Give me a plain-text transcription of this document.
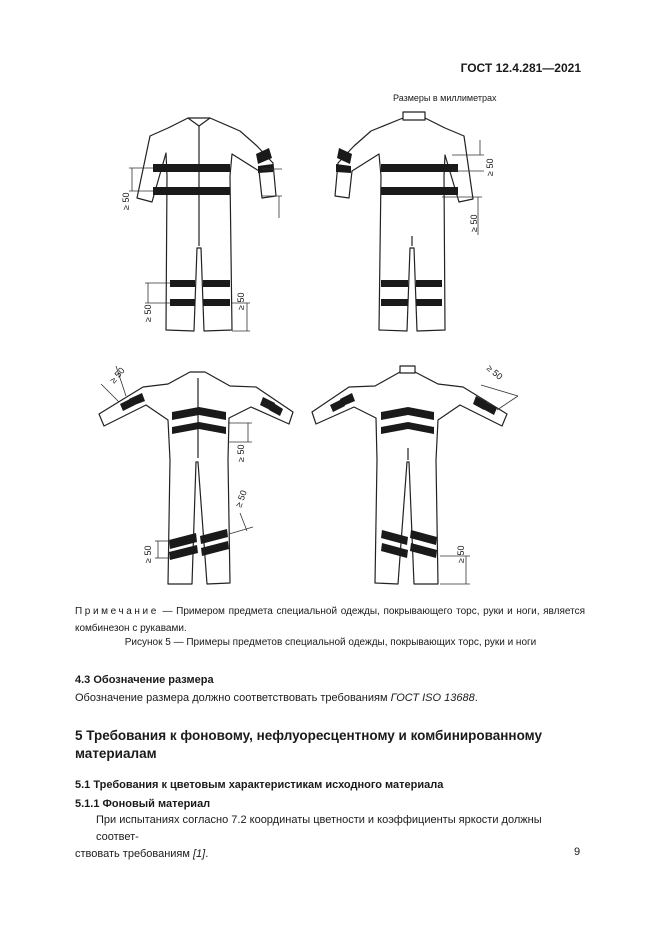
ГОСТ 12.4.281—2021
Размеры в миллиметрах
≥ 50
≥ 50
≥ 50
≥ 50
≥ 50
≥ 50
≥ 50
≥ 50
≥ 50
≥ 50
≥ 50
Примечание — Примером предмета специальной одежды, покрывающего торс, руки и ноги, является комбинезон с рукавами.
Рисунок 5 — Примеры предметов специальной одежды, покрывающих торс, руки и ноги
4.3 Обозначение размера
Обозначение размера должно соответствовать требованиям ГОСТ ISO 13688.
5 Требования к фоновому, нефлуоресцентному и комбинированному
материалам
5.1 Требования к цветовым характеристикам исходного материала
5.1.1 Фоновый материал
При испытаниях согласно 7.2 координаты цветности и коэффициенты яркости должны соответ-
ствовать требованиям [1].	9
